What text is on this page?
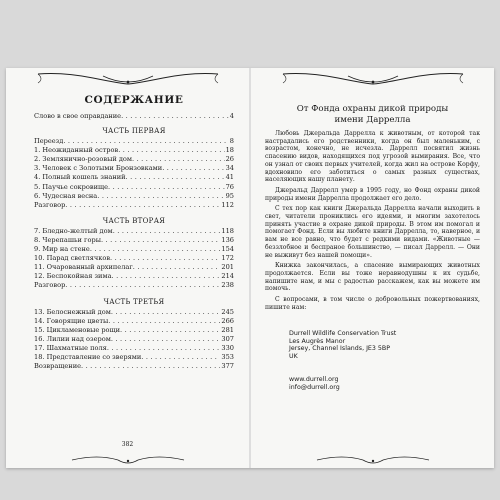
СОДЕРЖАНИЕ
Слово в свое оправдание . . .	4
ЧАСТЬ ПЕРВАЯ
Переезд . . .	8
1. Неожиданный остров . . .	18
2. Землянично-розовый дом . . .	26
3. Человек с Золотыми Бронзовками . . .	34
4. Полный кошель знаний . . .	41
5. Паучье сокровище . . .	76
6. Чудесная весна . . .	95
Разговор . . .	112
ЧАСТЬ ВТОРАЯ
7. Бледно-желтый дом . . .	118
8. Черепашьи горы . . .	136
9. Мир на стене . . .	154
10. Парад светлячков . . .	172
11. Очарованный архипелаг . . .	201
12. Беспокойная зима . . .	214
Разговор . . .	238
ЧАСТЬ ТРЕТЬЯ
13. Белоснежный дом . . .	245
14. Говорящие цветы . . .	266
15. Цикламеновые рощи . . .	281
16. Лилии над озером . . .	307
17. Шахматные поля . . .	330
18. Представление со зверями . . .	353
Возвращение . . .	377
382
От Фонда охраны дикой природы
имени Даррелла

Любовь Джеральда Даррелла к животным, от которой так настрадались его родственники, когда он был маленьким, с возрастом, конечно, не исчезла. Даррелл посвятил жизнь спасению видов, находящихся под угрозой вымирания. Все, что он узнал от своих первых учителей, когда жил на острове Корфу, вдохновило его заботиться о самых разных существах, населяющих нашу планету.

Джеральд Даррелл умер в 1995 году, но Фонд охраны дикой природы имени Даррелла продолжает его дело.

С тех пор как книги Джеральда Даррелла начали выходить в свет, читатели прониклись его идеями, и многим захотелось принять участие в охране дикой природы. В этом им помогал и помогает Фонд. Если вы любите книги Даррелла, то, наверное, и вам не все равно, что будет с редкими видами. «Животные — беззлобное и беспраное большинство, — писал Даррелл. — Они не выживут без нашей помощи».

Книжка закончилась, а спасение вымирающих животных продолжается. Если вы тоже неравнодушны к их судьбе, напишите нам, и мы с радостью расскажем, как вы можете им помочь.

С вопросами, в том числе о добровольных пожертвованиях, пишите нам:

Durrell Wildlife Conservation Trust
Les Augrès Manor
Jersey, Channel Islands, JE3 5BP
UK
www.durrell.org
info@durrell.org
